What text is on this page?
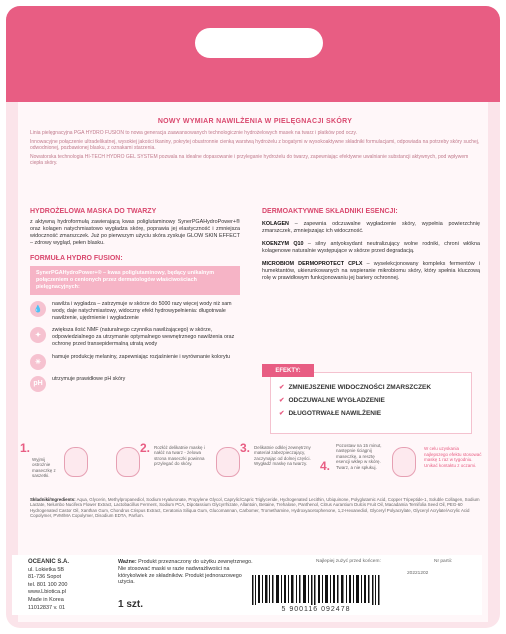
NOWY WYMIAR NAWILŻENIA W PIELĘGNACJI SKÓRY

Linia pielęgnacyjna PGA HYDRO FUSION to nowa generacja zaawansowanych technologicznie hydrożelowych masek na twarz i płatków pod oczy.

Innowacyjne połączenie ultradelikatnej, wysokiej jakości tkaniny, pokrytej obustronnie cienką warstwą hydrożelu z bogatymi w wysokoaktywne składniki formulacjami, odpowiada na potrzeby skóry suchej, odwodnionej, pozbawionej blasku, z oznakami starzenia.

Nowatorska technologia HI-TECH HYDRO GEL SYSTEM pozwala na idealne dopasowanie i przyleganie hydrożelu do twarzy, zapewniając efektywne uwalnianie substancji aktywnych, pod wpływem ciepła skóry.

HYDROŻELOWA MASKA DO TWARZY
z aktywną hydroformułą zawierającą kwas poliglutaminowy SynerPGAHydroPower+® oraz kolagen natychmiastowo wygładza skórę, poprawia jej elastyczność i zmniejsza widoczność zmarszczek. Już po pierwszym użyciu skóra zyskuje GLOW SKIN EFFECT – zdrowy wygląd, pełen blasku.
FORMUŁA HYDRO FUSION:
SynerPGAHydroPower+® – kwas poliglutaminowy, będący unikalnym połączeniem o cenionych przez dermatologów właściwościach pielęgnacyjnych:
💧
nawilża i wygładza – zatrzymuje w skórze do 5000 razy więcej wody niż sam wody, daje natychmiastowy, widoczny efekt hydrowypełnienia: długotrwale nawilżenie, ujędrnienie i wygładzenie
✦
zwiększa ilość NMF (naturalnego czynnika nawilżającego) w skórze, odpowiedzialnego za utrzymanie optymalnego wewnętrznego nawilżenia oraz ochronę przed transepidermalną utratą wody
☀
hamuje produkcję melaniny, zapewniając rozjaśnienie i wyrównanie kolorytu
pH
utrzymuje prawidłowe pH skóry
DERMOAKTYWNE SKŁADNIKI ESENCJI:
KOLAGEN – zapewnia odczuwalne wygładzenie skóry, wypełnia powierzchnię zmarszczek, zmniejszając ich widoczność.
KOENZYM Q10 – silny antyoksydant neutralizujący wolne rodniki, chroni włókna kolagenowe naturalnie występujące w skórze przed degradacją.
MICROBIOM DERMOPROTECT CPLX – wyselekcjonowany kompleks fermentów i humektantów, ukierunkowanych na wspieranie mikrobiomu skóry, który spełnia kluczową rolę w prawidłowym funkcjonowaniu jej bariery ochronnej.
✔ ZMNIEJSZENIE WIDOCZNOŚCI ZMARSZCZEK
✔ ODCZUWALNE WYGŁADZENIE
✔ DŁUGOTRWAŁE NAWILŻENIE
EFEKTY:
1.
Wyjmij ostrożnie maseczkę z saszetki.
2. Rozłóż delikatnie maskę i nałóż na twarz - żelowa strona maseczki powinna przylegać do skóry.
3. Delikatnie odklej zewnętrzny materiał zabezpieczający, zaczynając od dolnej części. Wygładź maskę na twarzy.	4.
Pozostaw na 15 minut, następnie ściągnij maseczkę, a resztę esencji wklep w skórę. Twarz, a nie spłukuj.
W celu uzyskania najlepszego efektu stosować maskę 1 raz w tygodniu. Unikać kontaktu z oczami.
Składniki/Ingredients: Aqua, Glycerin, Methylpropanediol, Sodium Hyaluronate, Propylene Glycol, Caprylic/Capric Triglyceride, Hydrogenated Lecithin, Ubiquinone, Polyglutamic Acid, Copper Tripeptide-1, Soluble Collagen, Sodium Lactate, Nelumbo Nucifera Flower Extract, Lactobacillus Ferment, Sodium PCA, Dipotassium Glycyrrhizate, Allantoin, Betaine, Trehalose, Panthenol, Citrus Aurantium Dulcis Fruit Oil, Macadamia Ternifolia Seed Oil, PEG-60 Hydrogenated Castor Oil, Xanthan Gum, Chondrus Crispus Extract, Ceratonia Siliqua Gum, Glucomannan, Carbomer, Tromethamine, Hydroxyacetophenone, 1,2-Hexanediol, Glyceryl Polyacrylate, Glyceryl Acrylate/Acrylic Acid Copolymer, PVM/MA Copolymer, Disodium EDTA, Parfum.
OCEANIC S.A.
ul. Lokietka 5B
81-736 Sopot
tel. 801 100 200
www.Lbiotica.pl
Made in Korea
11012837 v. 01
Ważne: Produkt przeznaczony do użytku zewnętrznego. Nie stosować maski w razie nadwrażliwości na którykolwiek ze składników. Produkt jednorazowego użycia.
1 szt.
Najlepiej zużyć przed końcem:	Nr partii:
20221202
5 900116 092478
